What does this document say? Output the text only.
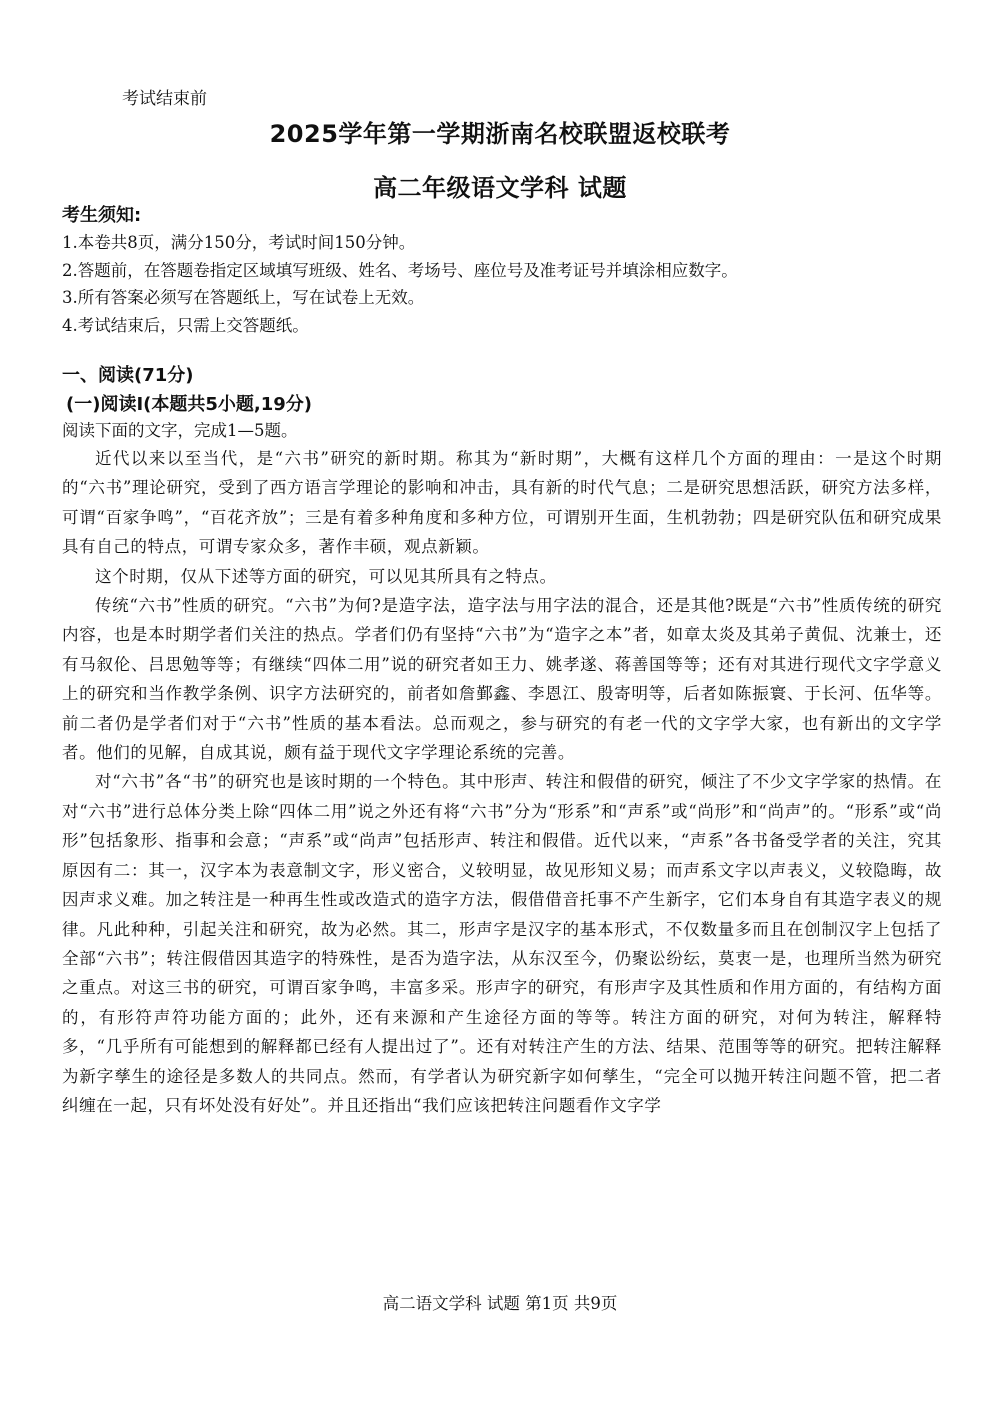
考试结束前
2025学年第一学期浙南名校联盟返校联考
高二年级语文学科 试题
考生须知:
1.本卷共8页，满分150分，考试时间150分钟。
2.答题前，在答题卷指定区域填写班级、姓名、考场号、座位号及准考证号并填涂相应数字。
3.所有答案必须写在答题纸上，写在试卷上无效。
4.考试结束后，只需上交答题纸。
一、阅读(71分)
(一)阅读Ⅰ(本题共5小题,19分)
阅读下面的文字，完成1—5题。

近代以来以至当代，是“六书”研究的新时期。称其为“新时期”，大概有这样几个方面的理由：一是这个时期的“六书”理论研究，受到了西方语言学理论的影响和冲击，具有新的时代气息；二是研究思想活跃，研究方法多样，可谓“百家争鸣”，“百花齐放”；三是有着多种角度和多种方位，可谓别开生面，生机勃勃；四是研究队伍和研究成果具有自己的特点，可谓专家众多，著作丰硕，观点新颖。

这个时期，仅从下述等方面的研究，可以见其所具有之特点。

传统“六书”性质的研究。“六书”为何?是造字法，造字法与用字法的混合，还是其他?既是“六书”性质传统的研究内容，也是本时期学者们关注的热点。学者们仍有坚持“六书”为“造字之本”者，如章太炎及其弟子黄侃、沈兼士，还有马叙伦、吕思勉等等；有继续“四体二用”说的研究者如王力、姚孝遂、蒋善国等等；还有对其进行现代文字学意义上的研究和当作教学条例、识字方法研究的，前者如詹鄞鑫、李恩江、殷寄明等，后者如陈振寰、于长河、伍华等。前二者仍是学者们对于“六书”性质的基本看法。总而观之，参与研究的有老一代的文字学大家，也有新出的文字学者。他们的见解，自成其说，颇有益于现代文字学理论系统的完善。

对“六书”各“书”的研究也是该时期的一个特色。其中形声、转注和假借的研究，倾注了不少文字学家的热情。在对“六书”进行总体分类上除“四体二用”说之外还有将“六书”分为“形系”和“声系”或“尚形”和“尚声”的。“形系”或“尚形”包括象形、指事和会意；“声系”或“尚声”包括形声、转注和假借。近代以来，“声系”各书备受学者的关注，究其原因有二：其一，汉字本为表意制文字，形义密合，义较明显，故见形知义易；而声系文字以声表义，义较隐晦，故因声求义难。加之转注是一种再生性或改造式的造字方法，假借借音托事不产生新字，它们本身自有其造字表义的规律。凡此种种，引起关注和研究，故为必然。其二，形声字是汉字的基本形式，不仅数量多而且在创制汉字上包括了全部“六书”；转注假借因其造字的特殊性，是否为造字法，从东汉至今，仍聚讼纷纭，莫衷一是，也理所当然为研究之重点。对这三书的研究，可谓百家争鸣，丰富多采。形声字的研究，有形声字及其性质和作用方面的，有结构方面的，有形符声符功能方面的；此外，还有来源和产生途径方面的等等。转注方面的研究，对何为转注，解释特多，“几乎所有可能想到的解释都已经有人提出过了”。还有对转注产生的方法、结果、范围等等的研究。把转注解释为新字孳生的途径是多数人的共同点。然而，有学者认为研究新字如何孳生，“完全可以抛开转注问题不管，把二者纠缠在一起，只有坏处没有好处”。并且还指出“我们应该把转注问题看作文字学

高二语文学科 试题 第1页 共9页
